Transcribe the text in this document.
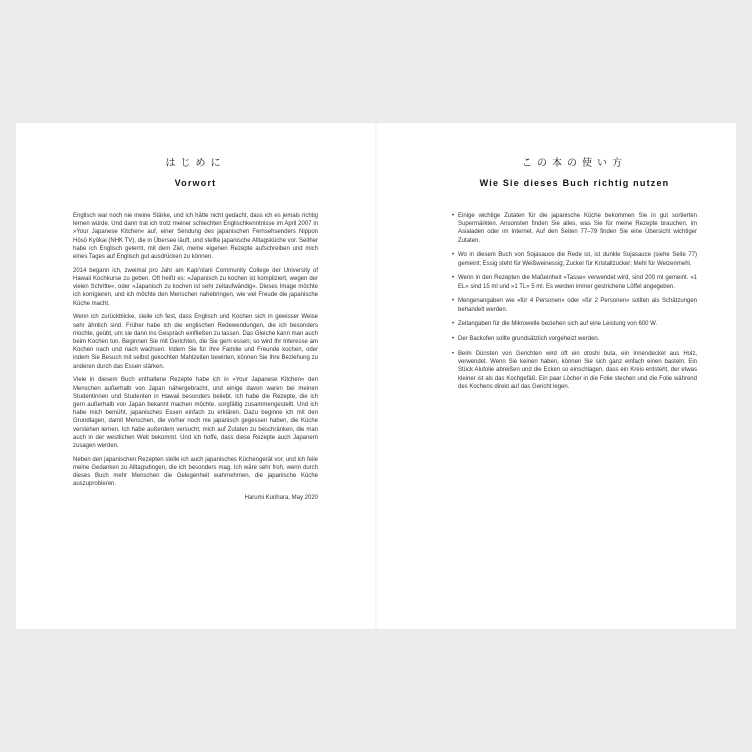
はじめに
Vorwort

Englisch war noch nie meine Stärke, und ich hätte nicht gedacht, dass ich es jemals richtig lernen würde. Und dann trat ich trotz meiner schlechten Englischkenntnisse im April 2007 in »Your Japanese Kitchen« auf, einer Sendung des japanischen Fernsehsenders Nippon Hōsō Kyōkai (NHK TV), die in Übersee läuft, und stellte japanische Alltagsküche vor. Seither habe ich Englisch gelernt, mit dem Ziel, meine eigenen Rezepte aufschreiben und mich eines Tages auf Englisch gut ausdrücken zu können.

2014 begann ich, zweimal pro Jahr am Kapiʻolani Community College der University of Hawaii Kochkurse zu geben. Oft heißt es: »Japanisch zu kochen ist kompliziert, wegen der vielen Schritte«, oder »Japanisch zu kochen ist sehr zeitaufwändig«. Dieses Image möchte ich korrigieren, und ich möchte den Menschen nahebringen, wie viel Freude die japanische Küche macht.

Wenn ich zurückblicke, stelle ich fest, dass Englisch und Kochen sich in gewisser Weise sehr ähnlich sind. Früher habe ich die englischen Redewendungen, die ich besonders mochte, geübt, um sie dann ins Gespräch einfließen zu lassen. Das Gleiche kann man auch beim Kochen tun. Beginnen Sie mit Gerichten, die Sie gern essen; so wird Ihr Interesse am Kochen nach und nach wachsen. Indem Sie für Ihre Familie und Freunde kochen, oder indem Sie Besuch mit selbst gekochten Mahlzeiten bewirten, können Sie Ihre Beziehung zu anderen durch das Essen stärken.

Viele in diesem Buch enthaltene Rezepte habe ich in »Your Japanese Kitchen« den Menschen außerhalb von Japan nähergebracht, und einige davon waren bei meinen Studentinnen und Studenten in Hawaii besonders beliebt. Ich habe die Rezepte, die ich gern außerhalb von Japan bekannt machen möchte, sorgfältig zusammengestellt. Und ich habe mich bemüht, japanisches Essen einfach zu erklären. Dazu beginne ich mit den Grundlagen, damit Menschen, die vorher noch nie japanisch gegessen haben, die Küche verstehen lernen. Ich habe außerdem versucht, mich auf Zutaten zu beschränken, die man auch in der westlichen Welt bekommt. Und ich hoffe, dass diese Rezepte auch Japanern zusagen werden.

Neben den japanischen Rezepten stelle ich auch japanisches Küchengerät vor, und ich feile meine Gedanken zu Alltagsdingen, die ich besonders mag. Ich wäre sehr froh, wenn durch dieses Buch mehr Menschen die Gelegenheit wahrnehmen, die japanische Küche auszuprobieren.

Harumi Kurihara, May 2020
この本の使い方
Wie Sie dieses Buch richtig nutzen
• Einige wichtige Zutaten für die japanische Küche bekommen Sie in gut sortierten Supermärkten. Ansonsten finden Sie alles, was Sie für meine Rezepte brauchen, im Asialaden oder im Internet. Auf den Seiten 77–79 finden Sie eine Übersicht wichtiger Zutaten.
• Wo in diesem Buch von Sojasauce die Rede ist, ist dunkle Sojasauce (siehe Seite 77) gemeint; Essig steht für Weißweinessig; Zucker für Kristallzucker; Mehl für Weizenmehl.
• Wenn in den Rezepten die Maßeinheit »Tasse« verwendet wird, sind 200 ml gemeint. »1 EL« sind 15 ml und »1 TL« 5 ml. Es werden immer gestrichene Löffel angegeben.
• Mengenangaben wie »für 4 Personen« oder »für 2 Personen« sollten als Schätzungen behandelt werden.
• Zeitangaben für die Mikrowelle beziehen sich auf eine Leistung von 600 W.
• Der Backofen sollte grundsätzlich vorgeheizt werden.
• Beim Dünsten von Gerichten wird oft ein otoshi buta, ein Innendeckel aus Holz, verwendet. Wenn Sie keinen haben, können Sie sich ganz einfach einen basteln: Ein Stück Alufolie abreißen und die Ecken so einschlagen, dass ein Kreis entsteht, der etwas kleiner ist als das Kochgefäß. Ein paar Löcher in die Folie stechen und die Folie während des Kochens direkt auf das Gericht legen.
